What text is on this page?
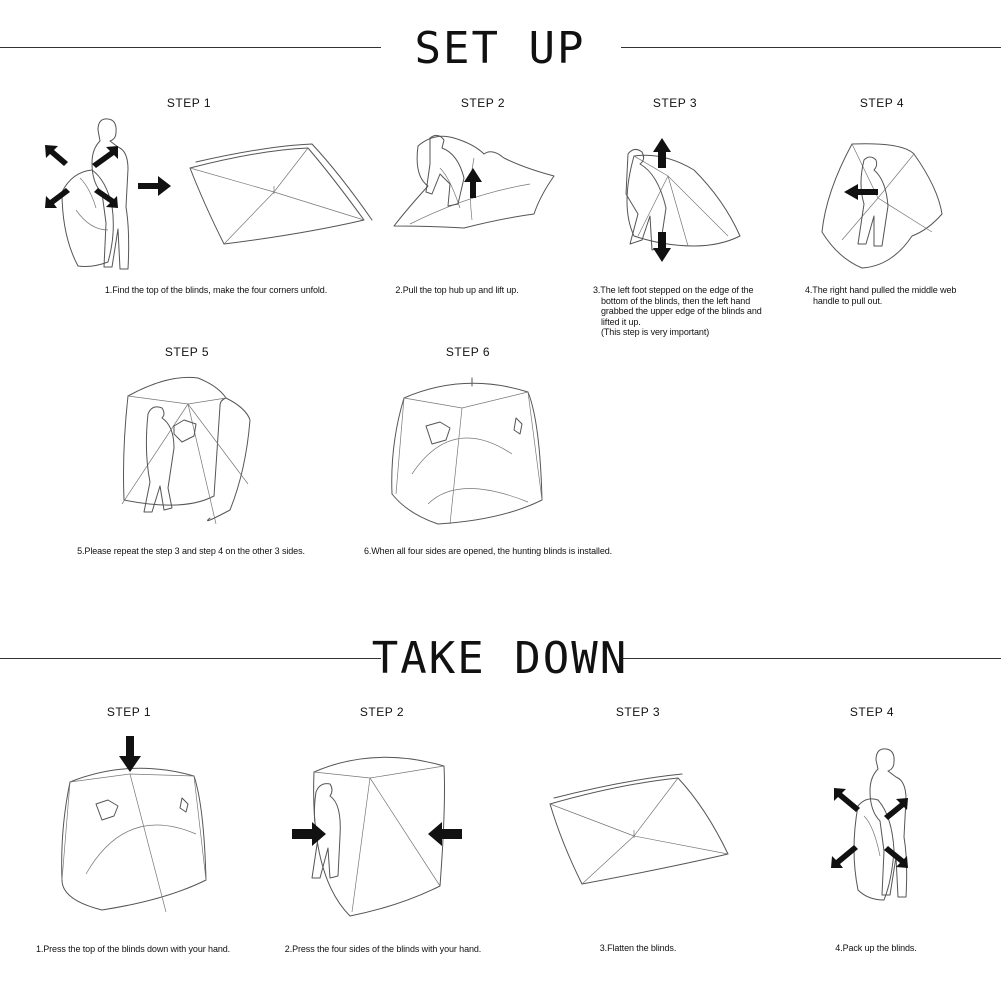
SET UP
STEP 1	STEP 2	STEP 3	STEP 4
1.Find the top of the blinds, make the four corners unfold.	2.Pull the top hub up and lift up.	3.The left foot stepped on the edge of the
bottom of the blinds, then the left hand
grabbed the upper edge of the blinds and
lifted it up.
(This step is very important)
4.The right hand pulled the middle web
handle to pull out.
STEP 5	STEP 6
5.Please repeat the step 3 and step 4 on the other 3 sides.	6.When all four sides are opened, the hunting blinds is installed.
TAKE DOWN
STEP 1	STEP 2	STEP 3	STEP 4
1.Press the top of the blinds down with your hand.	2.Press the four sides of the blinds with your hand.	3.Flatten the blinds.	4.Pack up the blinds.
